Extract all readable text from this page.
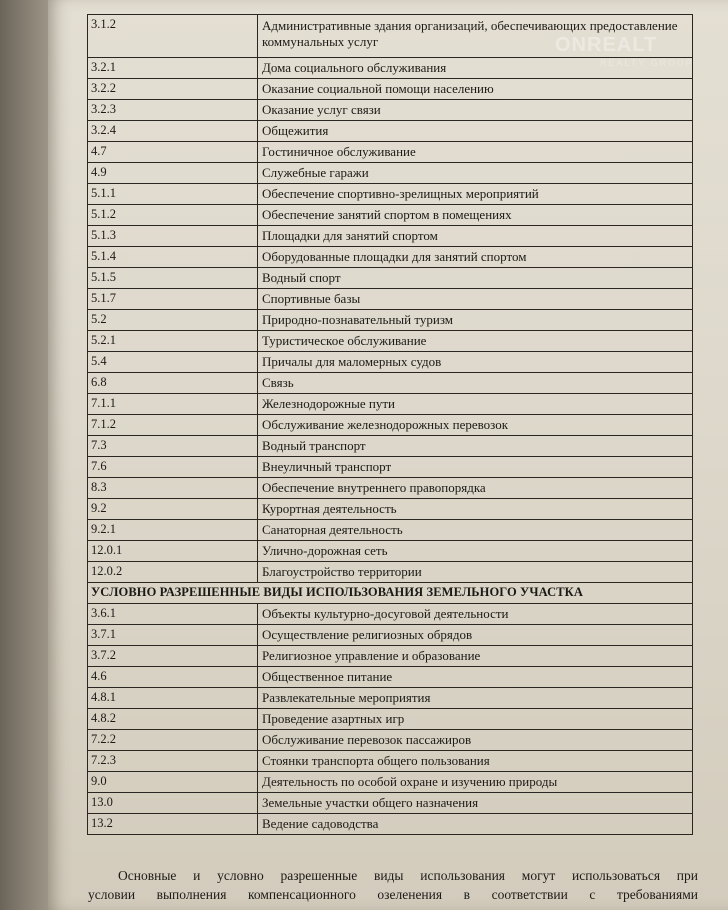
ONREALT
REALTY GROUP
3.1.2	Административные здания организаций, обеспечивающих предоставление коммунальных услуг
3.2.1	Дома социального обслуживания
3.2.2	Оказание социальной помощи населению
3.2.3	Оказание услуг связи
3.2.4	Общежития
4.7	Гостиничное обслуживание
4.9	Служебные гаражи
5.1.1	Обеспечение спортивно-зрелищных мероприятий
5.1.2	Обеспечение занятий спортом в помещениях
5.1.3	Площадки для занятий спортом
5.1.4	Оборудованные площадки для занятий спортом
5.1.5	Водный спорт
5.1.7	Спортивные базы
5.2	Природно-познавательный туризм
5.2.1	Туристическое обслуживание
5.4	Причалы для маломерных судов
6.8	Связь
7.1.1	Железнодорожные пути
7.1.2	Обслуживание железнодорожных перевозок
7.3	Водный транспорт
7.6	Внеуличный транспорт
8.3	Обеспечение внутреннего правопорядка
9.2	Курортная деятельность
9.2.1	Санаторная деятельность
12.0.1	Улично-дорожная сеть
12.0.2	Благоустройство территории
УСЛОВНО РАЗРЕШЕННЫЕ ВИДЫ ИСПОЛЬЗОВАНИЯ ЗЕМЕЛЬНОГО УЧАСТКА	
3.6.1	Объекты культурно-досуговой деятельности
3.7.1	Осуществление религиозных обрядов
3.7.2	Религиозное управление и образование
4.6	Общественное питание
4.8.1	Развлекательные мероприятия
4.8.2	Проведение азартных игр
7.2.2	Обслуживание перевозок пассажиров
7.2.3	Стоянки транспорта общего пользования
9.0	Деятельность по особой охране и изучению природы
13.0	Земельные участки общего назначения
13.2	Ведение садоводства
Основные и условно разрешенные виды использования могут использоваться при
условии выполнения компенсационного озеленения в соответствии с требованиями
